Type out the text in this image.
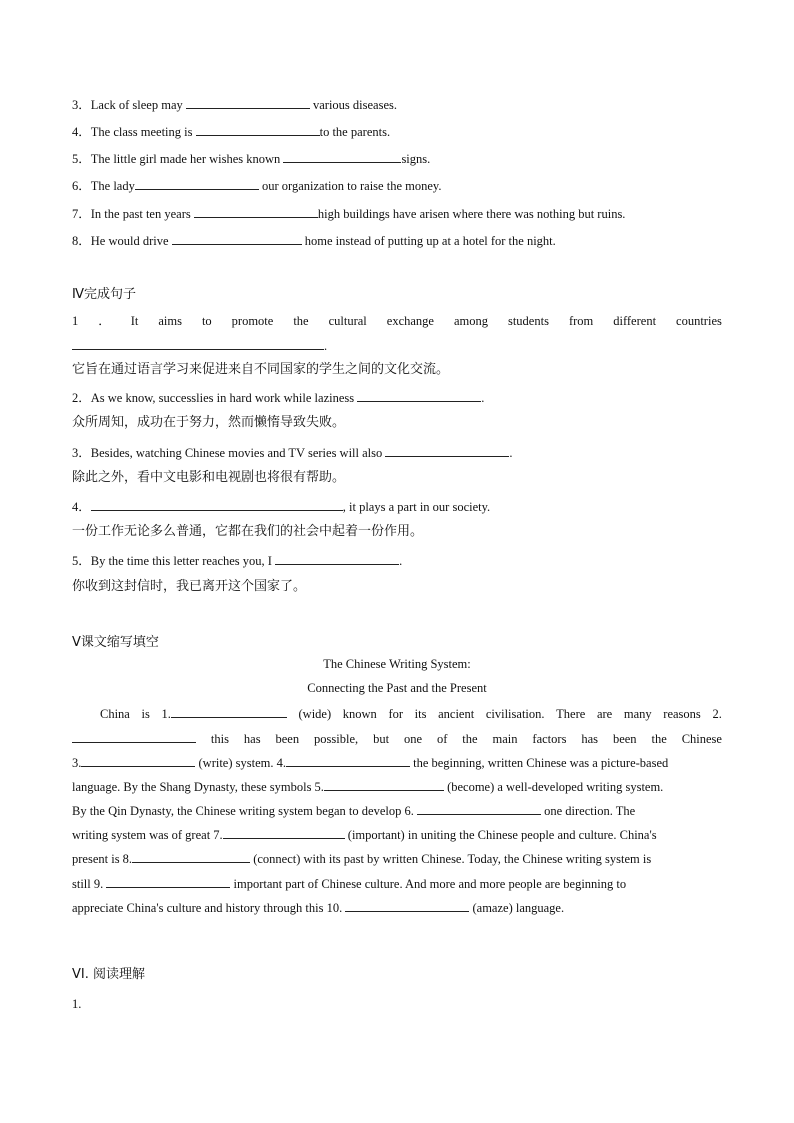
3．Lack of sleep may	various diseases.
4．The class meeting is	to the parents.
5．The little girl made her wishes known	signs.
6．The lady	our organization to raise the money.
7．In the past ten years	high buildings have arisen where there was nothing but ruins.
8．He would drive	home instead of putting up at a hotel for the night.
Ⅳ完成句子
1 ． It aims to promote the cultural exchange among students from different countries
.
它旨在通过语言学习来促进来自不同国家的学生之间的文化交流。
2．As we know, successlies in hard work while laziness	.
众所周知，成功在于努力，然而懒惰导致失败。
3．Besides, watching Chinese movies and TV series will also	.
除此之外，看中文电影和电视剧也将很有帮助。
4．	, it plays a part in our society.
一份工作无论多么普通，它都在我们的社会中起着一份作用。
5．By the time this letter reaches you, I	.
你收到这封信时，我已离开这个国家了。
Ⅴ课文缩写填空
The Chinese Writing System:
Connecting the Past and the Present
China is 1.	(wide) known for its ancient civilisation. There are many reasons 2.
this has been possible, but one of the main factors has been the Chinese
3.	(write) system. 4.	the beginning, written Chinese was a picture-based
language. By the Shang Dynasty, these symbols 5.	(become) a well-developed writing system.
By the Qin Dynasty, the Chinese writing system began to develop 6.	one direction. The
writing system was of great 7.	(important) in uniting the Chinese people and culture. China's
present is 8.	(connect) with its past by written Chinese. Today, the Chinese writing system is
still 9.	important part of Chinese culture. And more and more people are beginning to
appreciate China's culture and history through this 10.	(amaze) language.
VI. 阅读理解
1.
